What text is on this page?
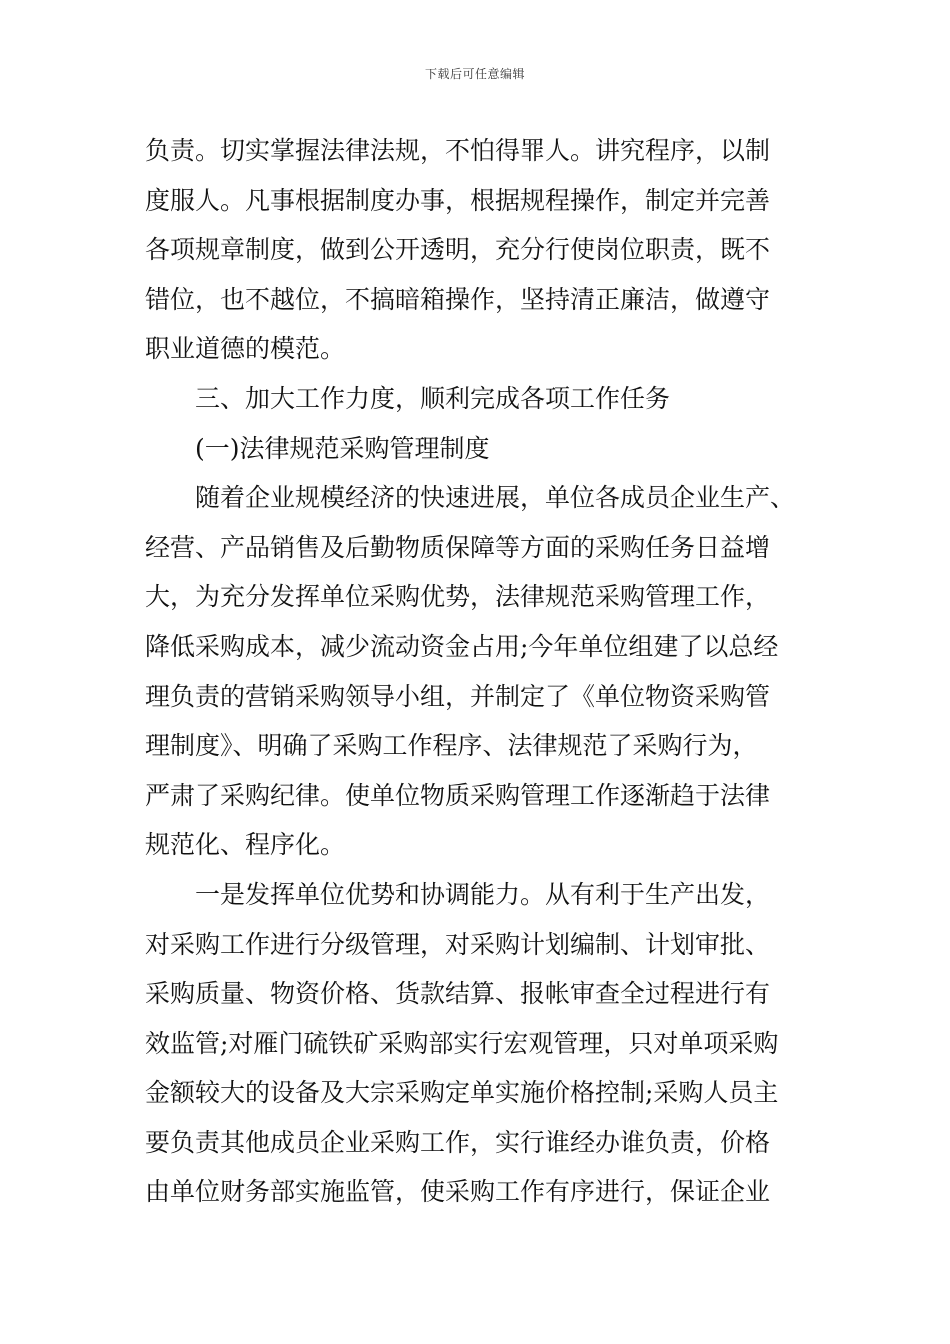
下载后可任意编辑
负责。切实掌握法律法规，不怕得罪人。讲究程序，以制
度服人。凡事根据制度办事，根据规程操作，制定并完善
各项规章制度，做到公开透明，充分行使岗位职责，既不
错位，也不越位，不搞暗箱操作，坚持清正廉洁，做遵守
职业道德的模范。
三、加大工作力度，顺利完成各项工作任务
(一)法律规范采购管理制度
随着企业规模经济的快速进展，单位各成员企业生产、
经营、产品销售及后勤物质保障等方面的采购任务日益增
大，为充分发挥单位采购优势，法律规范采购管理工作，
降低采购成本，减少流动资金占用;今年单位组建了以总经
理负责的营销采购领导小组，并制定了《单位物资采购管
理制度》、明确了采购工作程序、法律规范了采购行为，
严肃了采购纪律。使单位物质采购管理工作逐渐趋于法律
规范化、程序化。
一是发挥单位优势和协调能力。从有利于生产出发，
对采购工作进行分级管理，对采购计划编制、计划审批、
采购质量、物资价格、货款结算、报帐审查全过程进行有
效监管;对雁门硫铁矿采购部实行宏观管理，只对单项采购
金额较大的设备及大宗采购定单实施价格控制;采购人员主
要负责其他成员企业采购工作，实行谁经办谁负责，价格
由单位财务部实施监管，使采购工作有序进行，保证企业
